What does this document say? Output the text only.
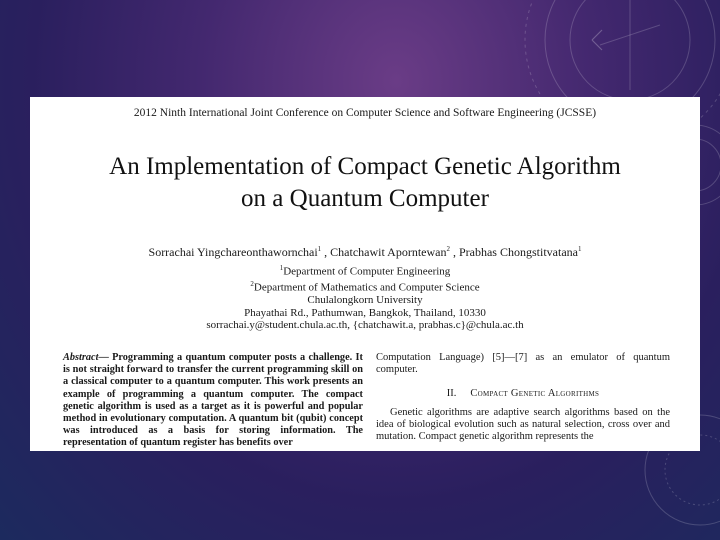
2012 Ninth International Joint Conference on Computer Science and Software Engineering (JCSSE)
An Implementation of Compact Genetic Algorithm
on a Quantum Computer
Sorrachai Yingchareonthawornchai$^1$ , Chatchawit Aporntewan$^2$ , Prabhas Chongstitvatana$^1$
$^1$Department of Computer Engineering
$^2$Department of Mathematics and Computer Science
Chulalongkorn University
Phayathai Rd., Pathumwan, Bangkok, Thailand, 10330
sorrachai.y@student.chula.ac.th, {chatchawit.a, prabhas.c}@chula.ac.th
Abstract— Programming a quantum computer posts a challenge. It is not straight forward to transfer the current programming skill on a classical computer to a quantum computer. This work presents an example of programming a quantum computer. The compact genetic algorithm is used as a target as it is powerful and popular method in evolutionary computation. A quantum bit (qubit) concept was introduced as a basis for storing information. The representation of quantum register has benefits over
Computation Language) [5]—[7] as an emulator of quantum computer.
II. Compact Genetic Algorithms
Genetic algorithms are adaptive search algorithms based on the idea of biological evolution such as natural selection, cross over and mutation. Compact genetic algorithm represents the
